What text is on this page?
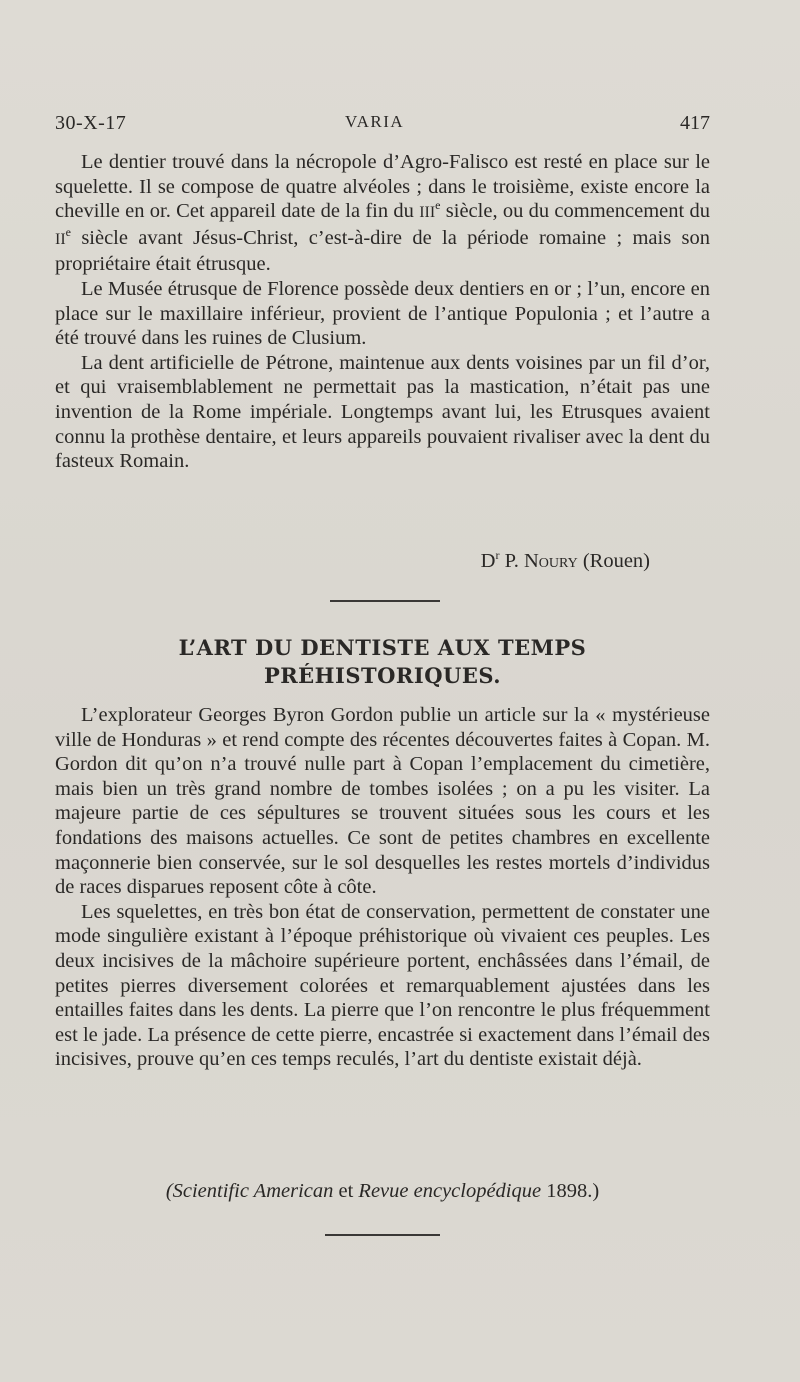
30-X-17	VARIA	417

Le dentier trouvé dans la nécropole d’Agro-Falisco est resté en place sur le squelette. Il se compose de quatre alvéoles ; dans le troisième, existe encore la cheville en or. Cet appareil date de la fin du IIIe siècle, ou du commencement du IIe siècle avant Jésus-Christ, c’est-à-dire de la période romaine ; mais son propriétaire était étrusque.

Le Musée étrusque de Florence possède deux dentiers en or ; l’un, encore en place sur le maxillaire inférieur, provient de l’antique Populonia ; et l’autre a été trouvé dans les ruines de Clusium.

La dent artificielle de Pétrone, maintenue aux dents voisines par un fil d’or, et qui vraisemblablement ne permettait pas la mastication, n’était pas une invention de la Rome impériale. Longtemps avant lui, les Etrusques avaient connu la prothèse dentaire, et leurs appareils pouvaient rivaliser avec la dent du fasteux Romain.

$D^r$ P. Noury (Rouen)
L’ART DU DENTISTE AUX TEMPS
PRÉHISTORIQUES.

L’explorateur Georges Byron Gordon publie un article sur la « mystérieuse ville de Honduras » et rend compte des récentes découvertes faites à Copan. M. Gordon dit qu’on n’a trouvé nulle part à Copan l’emplacement du cimetière, mais bien un très grand nombre de tombes isolées ; on a pu les visiter. La majeure partie de ces sépultures se trouvent situées sous les cours et les fondations des maisons actuelles. Ce sont de petites chambres en excellente maçonnerie bien conservée, sur le sol desquelles les restes mortels d’individus de races disparues reposent côte à côte.

Les squelettes, en très bon état de conservation, permettent de constater une mode singulière existant à l’époque préhistorique où vivaient ces peuples. Les deux incisives de la mâchoire supérieure portent, enchâssées dans l’émail, de petites pierres diversement colorées et remarquablement ajustées dans les entailles faites dans les dents. La pierre que l’on rencontre le plus fréquemment est le jade. La présence de cette pierre, encastrée si exactement dans l’émail des incisives, prouve qu’en ces temps reculés, l’art du dentiste existait déjà.

(Scientific American et Revue encyclopédique 1898.)
